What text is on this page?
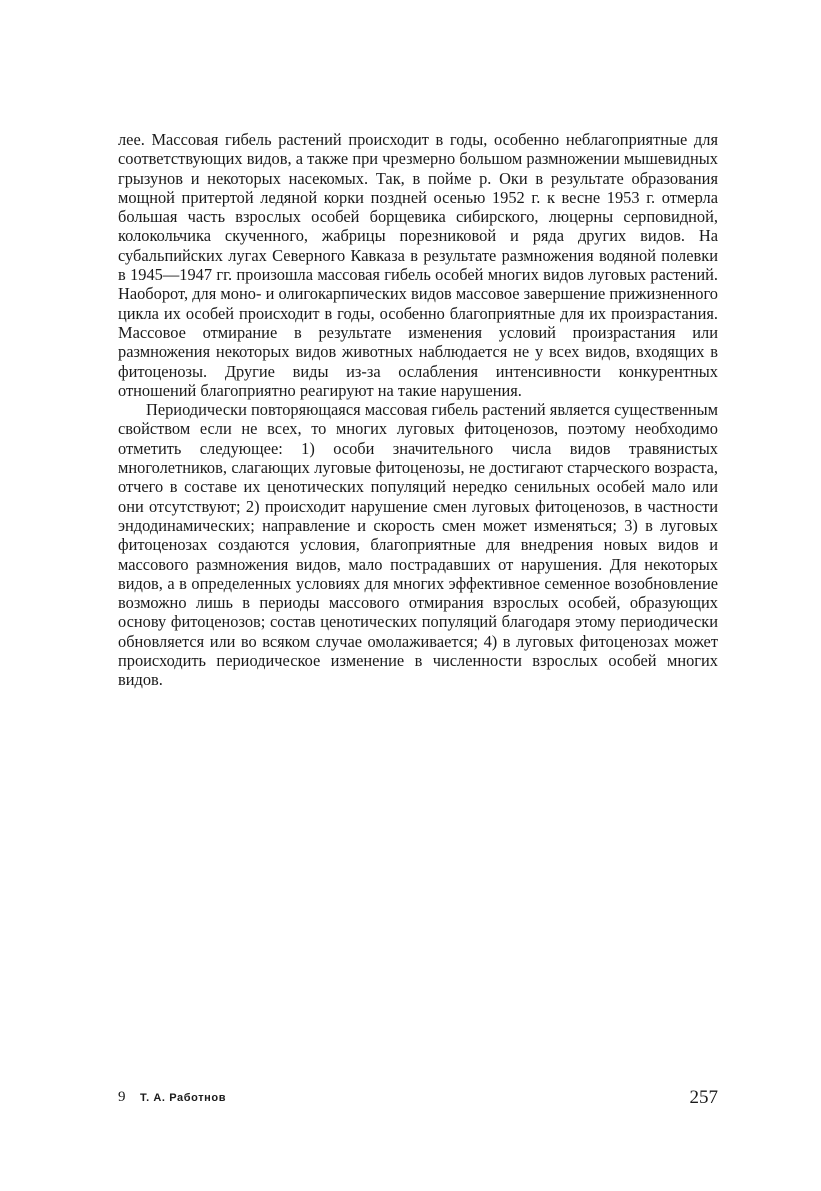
лее. Массовая гибель растений происходит в годы, особенно неблагоприятные для соответствующих видов, а также при чрезмерно большом размножении мышевидных грызунов и некоторых насекомых. Так, в пойме р. Оки в результате образования мощной притертой ледяной корки поздней осенью 1952 г. к весне 1953 г. отмерла большая часть взрослых особей борщевика сибирского, люцерны серповидной, колокольчика скученного, жабрицы порезниковой и ряда других видов. На субальпийских лугах Северного Кавказа в результате размножения водяной полевки в 1945—1947 гг. произошла массовая гибель особей многих видов луговых растений. Наоборот, для моно- и олигокарпических видов массовое завершение прижизненного цикла их особей происходит в годы, особенно благоприятные для их произрастания. Массовое отмирание в результате изменения условий произрастания или размножения некоторых видов животных наблюдается не у всех видов, входящих в фитоценозы. Другие виды из-за ослабления интенсивности конкурентных отношений благоприятно реагируют на такие нарушения.

Периодически повторяющаяся массовая гибель растений является существенным свойством если не всех, то многих луговых фитоценозов, поэтому необходимо отметить следующее: 1) особи значительного числа видов травянистых многолетников, слагающих луговые фитоценозы, не достигают старческого возраста, отчего в составе их ценотических популяций нередко сенильных особей мало или они отсутствуют; 2) происходит нарушение смен луговых фитоценозов, в частности эндодинамических; направление и скорость смен может изменяться; 3) в луговых фитоценозах создаются условия, благоприятные для внедрения новых видов и массового размножения видов, мало пострадавших от нарушения. Для некоторых видов, а в определенных условиях для многих эффективное семенное возобновление возможно лишь в периоды массового отмирания взрослых особей, образующих основу фитоценозов; состав ценотических популяций благодаря этому периодически обновляется или во всяком случае омолаживается; 4) в луговых фитоценозах может происходить периодическое изменение в численности взрослых особей многих видов.

9 Т. А. Работнов	257
